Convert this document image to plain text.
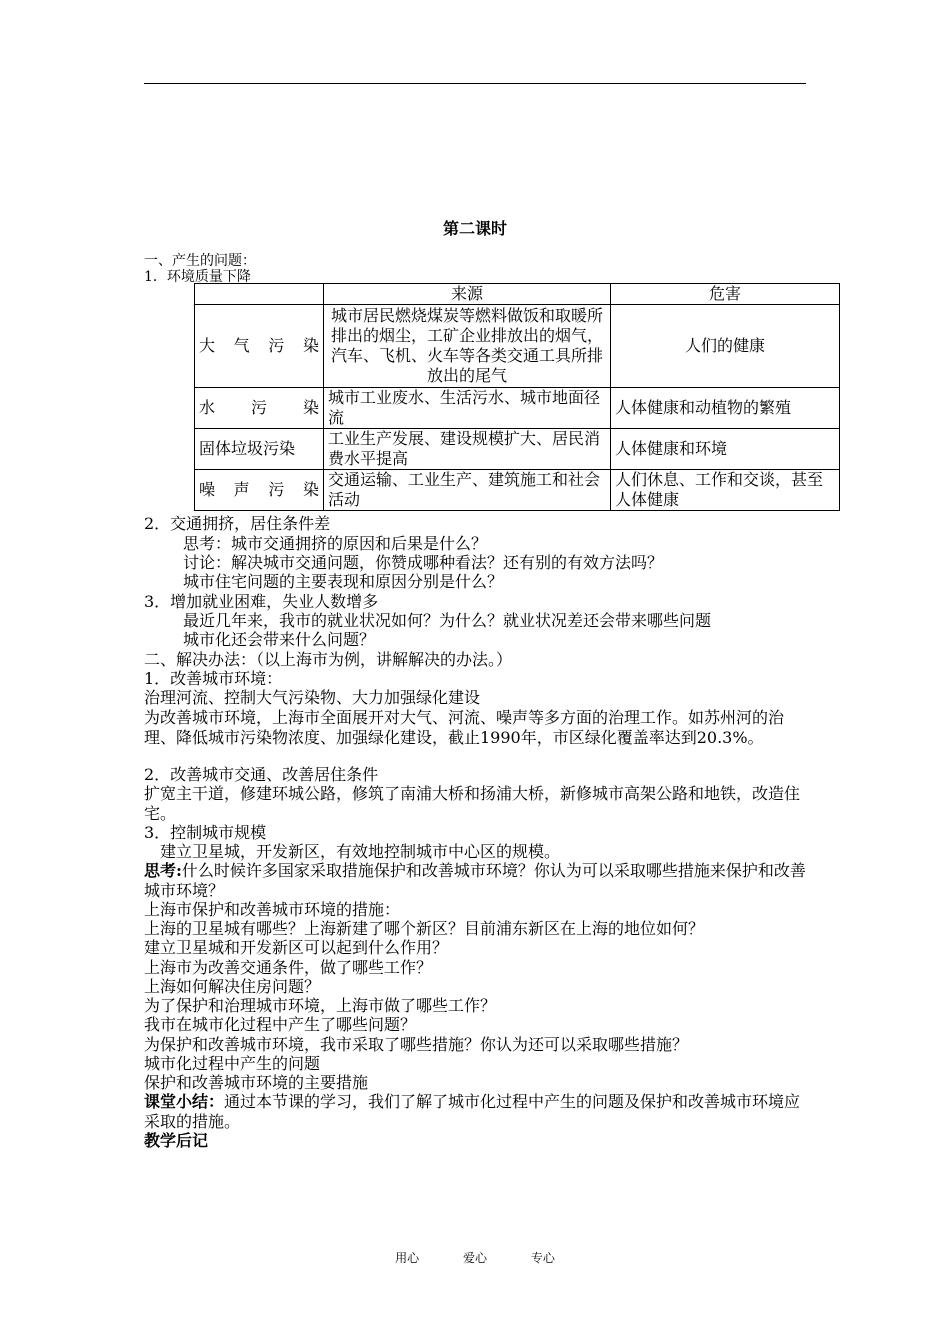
第二课时
一、产生的问题：
1．环境质量下降
	来源	危害
大 气 污 染	城市居民燃烧煤炭等燃料做饭和取暖所排出的烟尘，工矿企业排放出的烟气，汽车、飞机、火车等各类交通工具所排放出的尾气	人们的健康
水 污 染	城市工业废水、生活污水、城市地面径流	人体健康和动植物的繁殖
固体垃圾污染	工业生产发展、建设规模扩大、居民消费水平提高	人体健康和环境
噪 声 污 染	交通运输、工业生产、建筑施工和社会活动	人们休息、工作和交谈，甚至人体健康
2．交通拥挤，居住条件差
思考：城市交通拥挤的原因和后果是什么？
讨论：解决城市交通问题，你赞成哪种看法？还有别的有效方法吗？
城市住宅问题的主要表现和原因分别是什么？
3．增加就业困难，失业人数增多
最近几年来，我市的就业状况如何？为什么？就业状况差还会带来哪些问题
城市化还会带来什么问题？
二、解决办法：（以上海市为例，讲解解决的办法。）
1．改善城市环境：
治理河流、控制大气污染物、大力加强绿化建设
为改善城市环境，上海市全面展开对大气、河流、噪声等多方面的治理工作。如苏州河的治理、降低城市污染物浓度、加强绿化建设，截止1990年，市区绿化覆盖率达到20.3%。
2．改善城市交通、改善居住条件
扩宽主干道，修建环城公路，修筑了南浦大桥和扬浦大桥，新修城市高架公路和地铁，改造住宅。
3．控制城市规模
建立卫星城，开发新区，有效地控制城市中心区的规模。
思考:什么时候许多国家采取措施保护和改善城市环境？你认为可以采取哪些措施来保护和改善城市环境？
上海市保护和改善城市环境的措施：
上海的卫星城有哪些？上海新建了哪个新区？目前浦东新区在上海的地位如何？
建立卫星城和开发新区可以起到什么作用？
上海市为改善交通条件，做了哪些工作？
上海如何解决住房问题？
为了保护和治理城市环境，上海市做了哪些工作？
我市在城市化过程中产生了哪些问题？
为保护和改善城市环境，我市采取了哪些措施？你认为还可以采取哪些措施？
城市化过程中产生的问题
保护和改善城市环境的主要措施
课堂小结：通过本节课的学习，我们了解了城市化过程中产生的问题及保护和改善城市环境应采取的措施。
教学后记
用心	爱心	专心
